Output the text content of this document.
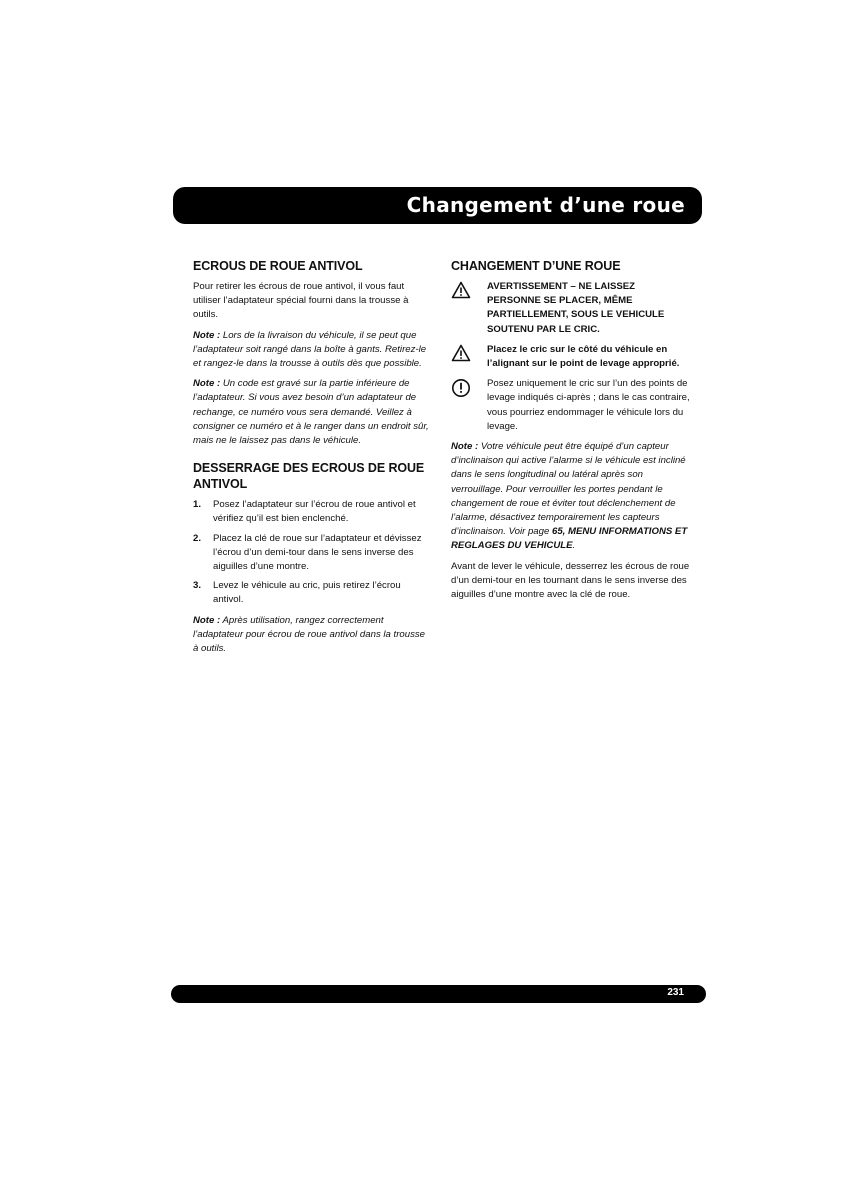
Changement d’une roue
ECROUS DE ROUE ANTIVOL

Pour retirer les écrous de roue antivol, il vous faut utiliser l’adaptateur spécial fourni dans la trousse à outils.

Note : Lors de la livraison du véhicule, il se peut que l’adaptateur soit rangé dans la boîte à gants. Retirez-le et rangez-le dans la trousse à outils dès que possible.

Note : Un code est gravé sur la partie inférieure de l’adaptateur. Si vous avez besoin d’un adaptateur de rechange, ce numéro vous sera demandé. Veillez à consigner ce numéro et à le ranger dans un endroit sûr, mais ne le laissez pas dans le véhicule.

DESSERRAGE DES ECROUS DE ROUE ANTIVOL
1.	Posez l’adaptateur sur l’écrou de roue antivol et vérifiez qu’il est bien enclenché.
2.	Placez la clé de roue sur l’adaptateur et dévissez l’écrou d’un demi-tour dans le sens inverse des aiguilles d’une montre.
3.	Levez le véhicule au cric, puis retirez l’écrou antivol.

Note : Après utilisation, rangez correctement l’adaptateur pour écrou de roue antivol dans la trousse à outils.

CHANGEMENT D’UNE ROUE
AVERTISSEMENT – NE LAISSEZ PERSONNE SE PLACER, MÊME PARTIELLEMENT, SOUS LE VEHICULE SOUTENU PAR LE CRIC.
Placez le cric sur le côté du véhicule en l’alignant sur le point de levage approprié.
Posez uniquement le cric sur l’un des points de levage indiqués ci-après ; dans le cas contraire, vous pourriez endommager le véhicule lors du levage.

Note : Votre véhicule peut être équipé d’un capteur d’inclinaison qui active l’alarme si le véhicule est incliné dans le sens longitudinal ou latéral après son verrouillage. Pour verrouiller les portes pendant le changement de roue et éviter tout déclenchement de l’alarme, désactivez temporairement les capteurs d’inclinaison. Voir page 65, MENU INFORMATIONS ET REGLAGES DU VEHICULE.

Avant de lever le véhicule, desserrez les écrous de roue d’un demi-tour en les tournant dans le sens inverse des aiguilles d’une montre avec la clé de roue.

231
